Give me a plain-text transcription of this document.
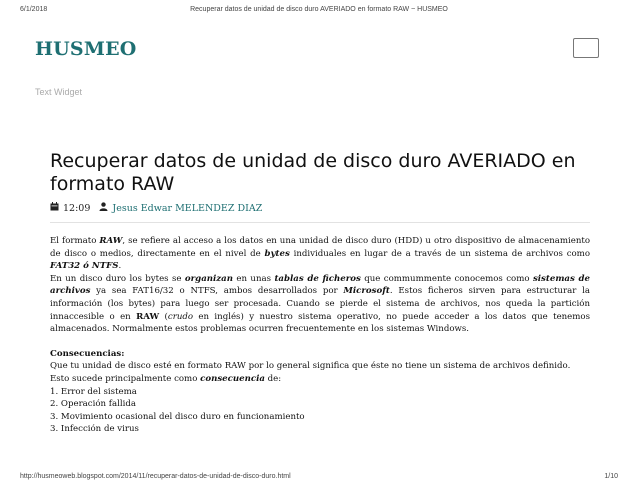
6/1/2018	Recuperar datos de unidad de disco duro AVERIADO en formato RAW ~ HUSMEO
HUSMEO
Text Widget
Recuperar datos de unidad de disco duro AVERIADO en formato RAW
12:09 Jesus Edwar MELENDEZ DIAZ

El formato RAW, se refiere al acceso a los datos en una unidad de disco duro (HDD) u otro dispositivo de almacenamiento de disco o medios, directamente en el nivel de bytes individuales en lugar de a través de un sistema de archivos como FAT32 ó NTFS.

En un disco duro los bytes se organizan en unas tablas de ficheros que commummente conocemos como sistemas de archivos ya sea FAT16/32 o NTFS, ambos desarrollados por Microsoft. Estos ficheros sirven para estructurar la información (los bytes) para luego ser procesada. Cuando se pierde el sistema de archivos, nos queda la partición innaccesible o en RAW (crudo en inglés) y nuestro sistema operativo, no puede acceder a los datos que tenemos almacenados. Normalmente estos problemas ocurren frecuentemente en los sistemas Windows.

Consecuencias:

Que tu unidad de disco esté en formato RAW por lo general significa que éste no tiene un sistema de archivos definido.

Esto sucede principalmente como consecuencia de:

1. Error del sistema

2. Operación fallida

3. Movimiento ocasional del disco duro en funcionamiento

3. Infección de virus

http://husmeoweb.blogspot.com/2014/11/recuperar-datos-de-unidad-de-disco-duro.html	1/10
